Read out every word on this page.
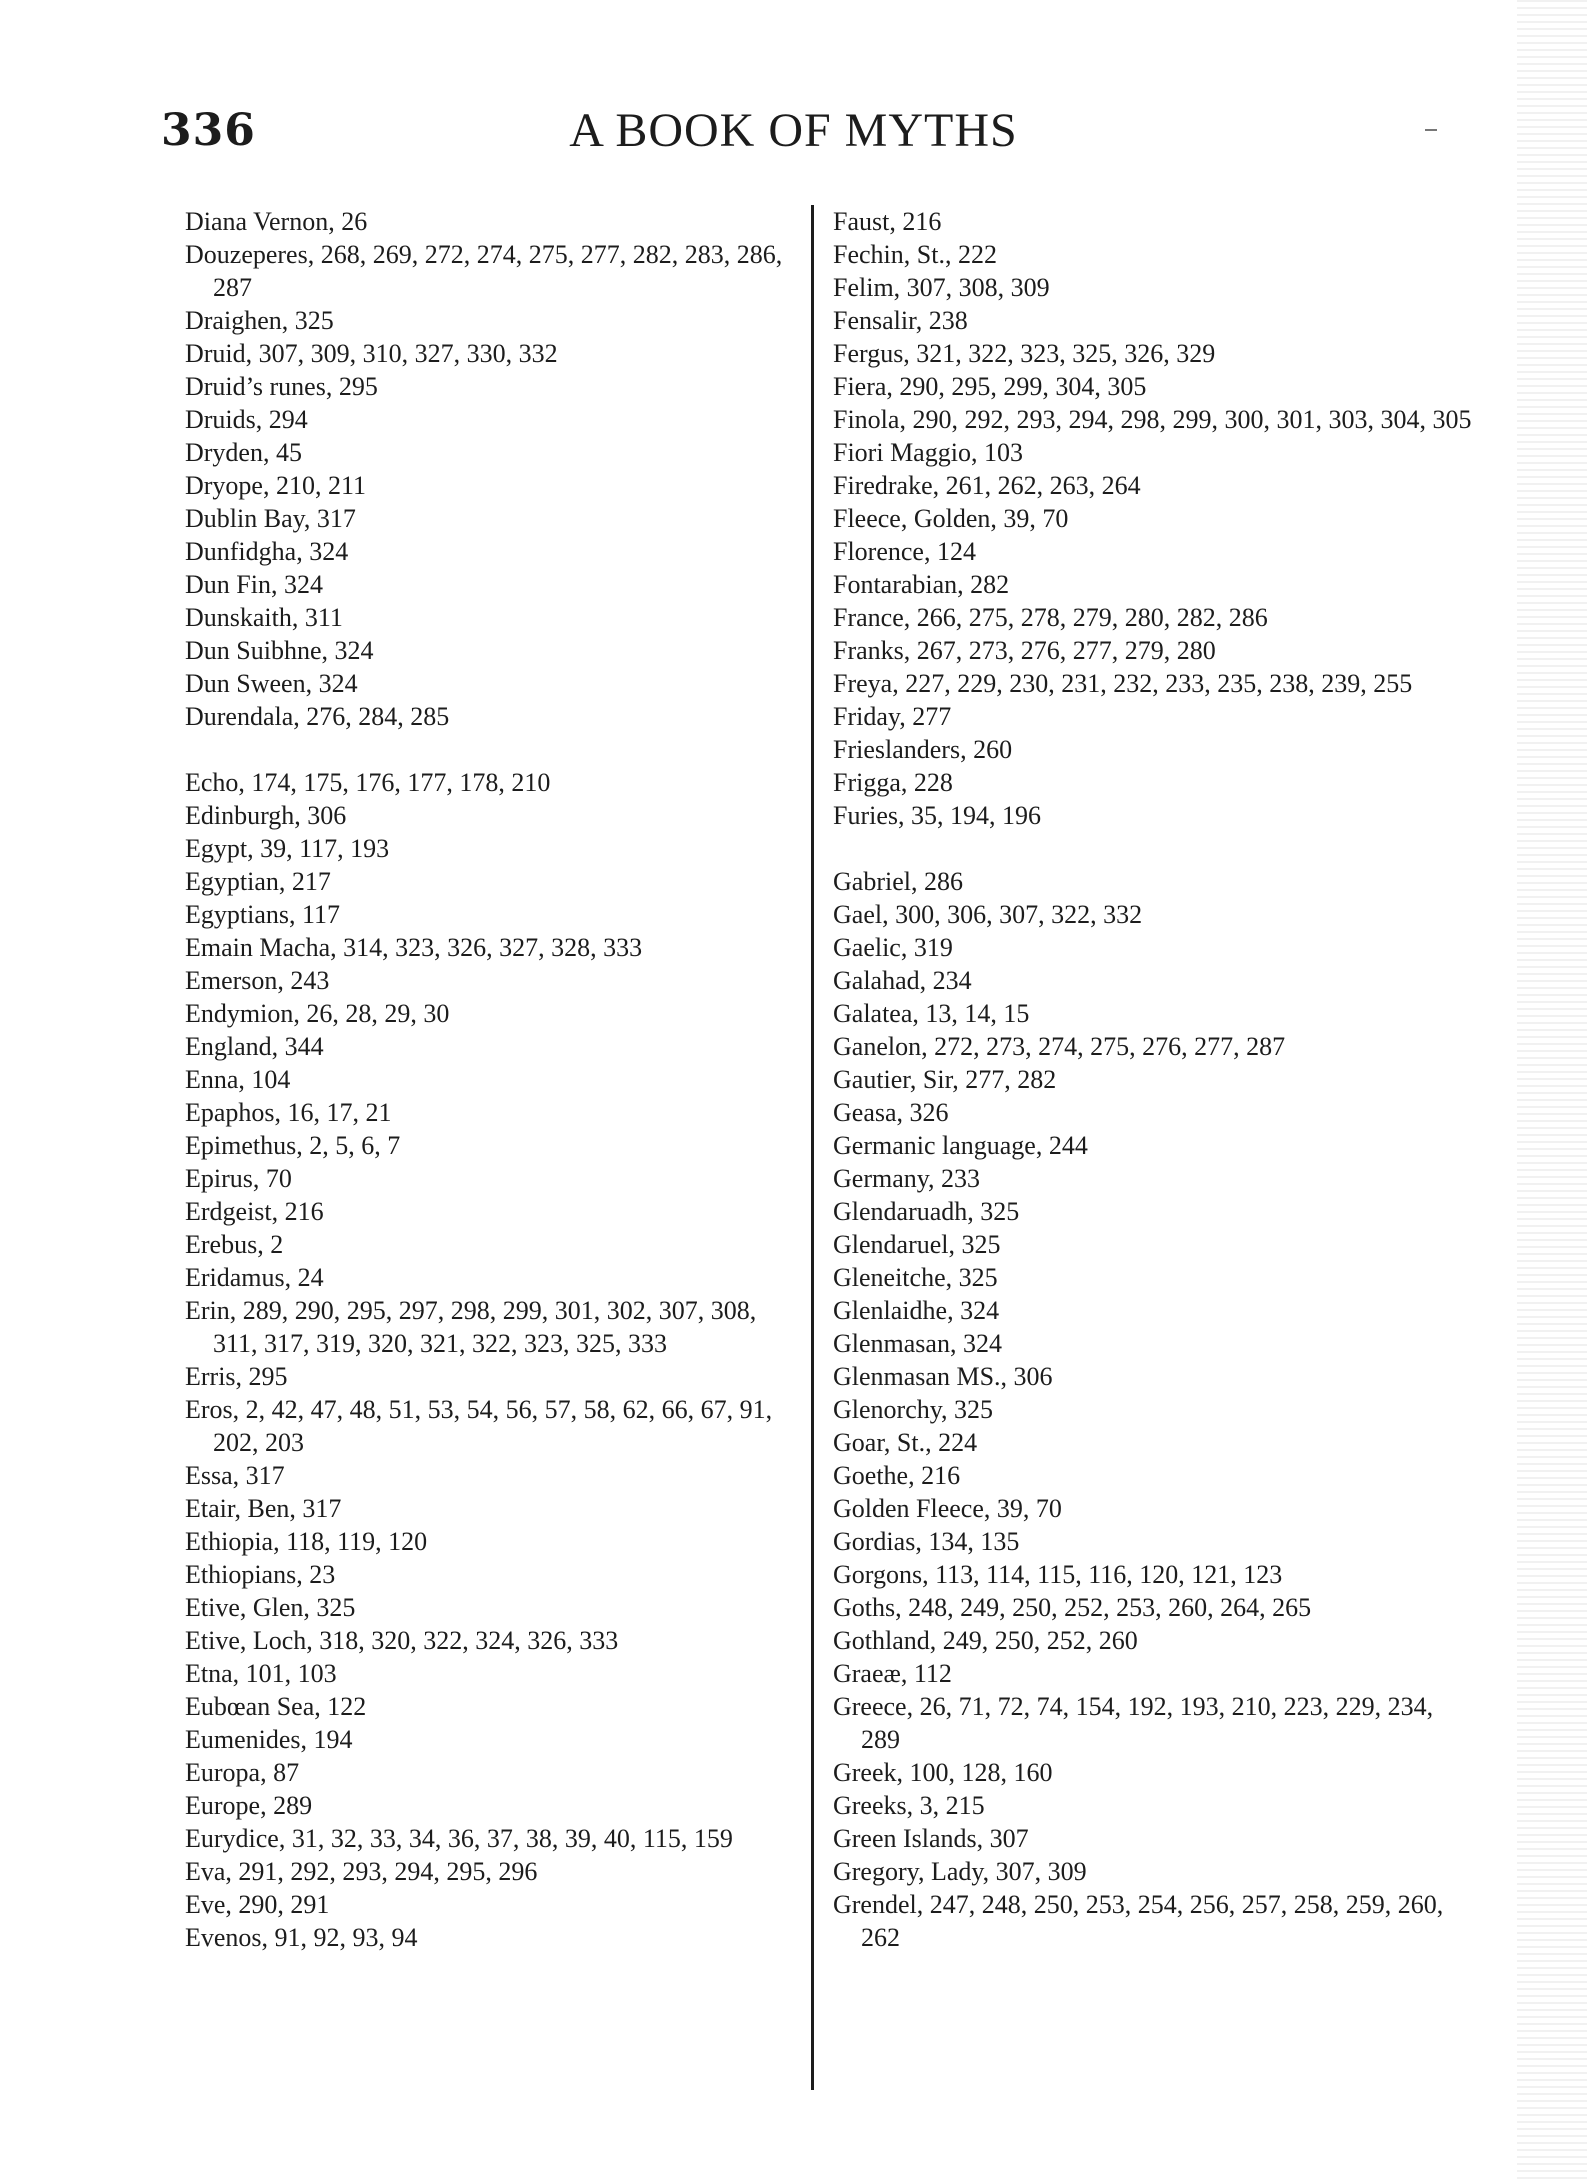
336	A BOOK OF MYTHS

Diana Vernon, 26

Douzeperes, 268, 269, 272, 274, 275, 277, 282, 283, 286, 287

Draighen, 325

Druid, 307, 309, 310, 327, 330, 332

Druid’s runes, 295

Druids, 294

Dryden, 45

Dryope, 210, 211

Dublin Bay, 317

Dunfidgha, 324

Dun Fin, 324

Dunskaith, 311

Dun Suibhne, 324

Dun Sween, 324

Durendala, 276, 284, 285

Echo, 174, 175, 176, 177, 178, 210

Edinburgh, 306

Egypt, 39, 117, 193

Egyptian, 217

Egyptians, 117

Emain Macha, 314, 323, 326, 327, 328, 333

Emerson, 243

Endymion, 26, 28, 29, 30

England, 344

Enna, 104

Epaphos, 16, 17, 21

Epimethus, 2, 5, 6, 7

Epirus, 70

Erdgeist, 216

Erebus, 2

Eridamus, 24

Erin, 289, 290, 295, 297, 298, 299, 301, 302, 307, 308, 311, 317, 319, 320, 321, 322, 323, 325, 333

Erris, 295

Eros, 2, 42, 47, 48, 51, 53, 54, 56, 57, 58, 62, 66, 67, 91, 202, 203

Essa, 317

Etair, Ben, 317

Ethiopia, 118, 119, 120

Ethiopians, 23

Etive, Glen, 325

Etive, Loch, 318, 320, 322, 324, 326, 333

Etna, 101, 103

Eubœan Sea, 122

Eumenides, 194

Europa, 87

Europe, 289

Eurydice, 31, 32, 33, 34, 36, 37, 38, 39, 40, 115, 159

Eva, 291, 292, 293, 294, 295, 296

Eve, 290, 291

Evenos, 91, 92, 93, 94

Faust, 216

Fechin, St., 222

Felim, 307, 308, 309

Fensalir, 238

Fergus, 321, 322, 323, 325, 326, 329

Fiera, 290, 295, 299, 304, 305

Finola, 290, 292, 293, 294, 298, 299, 300, 301, 303, 304, 305

Fiori Maggio, 103

Firedrake, 261, 262, 263, 264

Fleece, Golden, 39, 70

Florence, 124

Fontarabian, 282

France, 266, 275, 278, 279, 280, 282, 286

Franks, 267, 273, 276, 277, 279, 280

Freya, 227, 229, 230, 231, 232, 233, 235, 238, 239, 255

Friday, 277

Frieslanders, 260

Frigga, 228

Furies, 35, 194, 196

Gabriel, 286

Gael, 300, 306, 307, 322, 332

Gaelic, 319

Galahad, 234

Galatea, 13, 14, 15

Ganelon, 272, 273, 274, 275, 276, 277, 287

Gautier, Sir, 277, 282

Geasa, 326

Germanic language, 244

Germany, 233

Glendaruadh, 325

Glendaruel, 325

Gleneitche, 325

Glenlaidhe, 324

Glenmasan, 324

Glenmasan MS., 306

Glenorchy, 325

Goar, St., 224

Goethe, 216

Golden Fleece, 39, 70

Gordias, 134, 135

Gorgons, 113, 114, 115, 116, 120, 121, 123

Goths, 248, 249, 250, 252, 253, 260, 264, 265

Gothland, 249, 250, 252, 260

Graeæ, 112

Greece, 26, 71, 72, 74, 154, 192, 193, 210, 223, 229, 234, 289

Greek, 100, 128, 160

Greeks, 3, 215

Green Islands, 307

Gregory, Lady, 307, 309

Grendel, 247, 248, 250, 253, 254, 256, 257, 258, 259, 260, 262
